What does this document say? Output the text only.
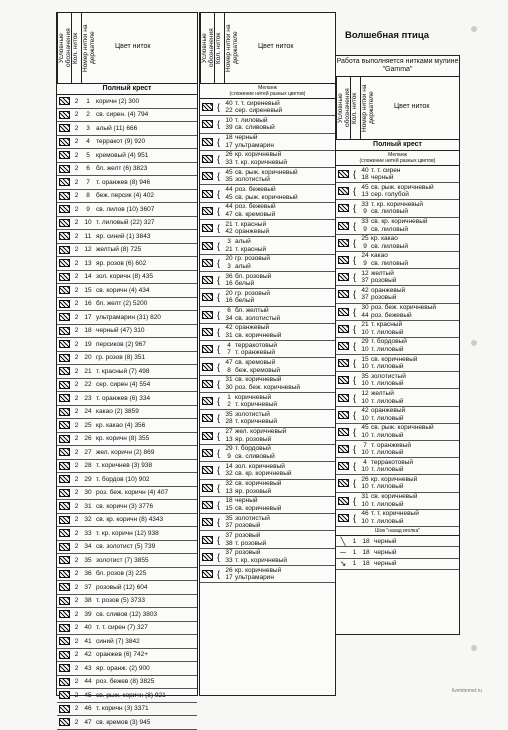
Условные обозначения Кол. ниток Номер нитки на держателе	Цвет ниток
Полный крест
2	1 коричн (2) 300
2	2 св. сирен. (4) 794
2	3 алый (11) 666
2	4 терракот (9) 920
2	5 кремовый (4) 951
2	6 бл. желт (6) 3823
2	7 т. оранжев (8) 946
2	8 беж. персик (4) 402
2	9 св. лилов (10) 3607
2 10 т. лиловый (22) 327
2 11 яр. синий (1) 3843
2 12 желтый (8) 725
2 13 яр. розов (6) 602
2 14 зол. коричн (8) 435
2 15 св. коричн (4) 434
2 16 бл. желт (2) 5200
2 17 ультрамарин (31) 820
2 18 черный (47) 310
2 19 персиков (2) 967
2 20 гр. розов (8) 351
2 21 т. красный (7) 498
2 22 сер. сирен (4) 554
2 23 т. оранжев (6) 334
2 24 какао (2) 3859
2 25 кр. какао (4) 356
2 26 кр. коричн (8) 355
2 27 жел. коричн (2) 869
2 28 т. коричнев (3) 938
2 29 т. бордов (10) 902
2 30 роз. беж. коричн (4) 407
2 31 св. коричн (3) 3776
2 32 св. кр. коричн (8) 4343
2 33 т. кр. коричн (12) 938
2 34 св. золотист (5) 739
2 35 золотист (7) 3855
2 36 бл. розов (3) 225
2 37 розовый (12) 604
2 38 т. розов (5) 3733
2 39 св. сливов (12) 3803
2 40 т. т. сирен (7) 327
2 41 синий (7) 3842
2 42 оранжев (6) 742+
2 43 яр. оранж. (2) 900
2 44 роз. бежев (8) 3825
2 45 св. рыж. коричн (8) 921
2 46 т. коричн (3) 3371
2 47 св. кремов (3) 945
Условные обозначения Кол. ниток Номер нитки на держателе	Цвет ниток
Меланж
(сложение нитей разных цветов)
{ 40 т. т. сиреневый
22 сер. сиреневый
{ 10 т. лиловый
39 св. сливовый
{ 18 черный
17 ультрамарин
{ 26 кр. коричневый
33 т. кр. коричневый
{ 45 св. рыж. коричневый
35 золотистый
{ 44 роз. бежевый
45 св. рыж. коричневый
{ 44 роз. бежевый
47 св. кремовый
{ 21 т. красный
42 оранжевый
{	3 алый
21 т. красный
{ 20 гр. розовый
3 алый
{ 36 бл. розовый
16 белый
{ 20 гр. розовый
16 белый
{	6 бл. желтый
34 св. золотистый
{ 42 оранжевый
31 св. коричневый
{	4 терракотовый
7 т. оранжевый
{ 47 св. кремовый
8 беж. кремовый
{ 31 св. коричневый
30 роз. беж. коричневый
{	1 коричневый
2 т. коричневый
{ 35 золотистый
28 т. коричневый
{ 27 жел. коричневый
13 яр. розовый
{ 29 т. бордовый
9 св. сливовый
{ 14 зол. коричневый
32 св. кр. коричневый
{ 32 св. коричневый
13 яр. розовый
{ 18 черный
15 св. коричневый
{ 35 золотистый
37 розовый
{ 37 розовый
38 т. розовый
{ 37 розовый
33 т. кр. коричневый
{ 26 кр. коричневый
17 ультрамарин
Волшебная птица
Работа выполняется нитками мулине "Gamma"
Условные обозначения Кол. ниток Номер нитки на держателе	Цвет ниток
Полный крест
Меланж
(сложение нитей разных цветов)
{ 40 т. т. сирен
18 черный
{ 45 св. рыж. коричневый
13 сер. голубой
{ 33 т. кр. коричневый
9 св. лиловый
{ 33 св. кр. коричневый
9 св. лиловый
{ 25 кр. какао
9 св. лиловый
{ 24 какао
9 св. лиловый
{ 12 желтый
37 розовый
{ 42 оранжевый
37 розовый
{ 30 роз. беж. коричневый
44 роз. бежевый
{ 21 т. красный
10 т. лиловый
{ 29 т. бордовый
10 т. лиловый
{ 15 св. коричневый
10 т. лиловый
{ 35 золотистый
10 т. лиловый
{ 12 желтый
10 т. лиловый
{ 42 оранжевый
10 т. лиловый
{ 45 св. рыж. коричневый
10 т. лиловый
{	7 т. оранжевый
10 т. лиловый
{	4 терракотовый
10 т. лиловый
{ 26 кр. коричневый
10 т. лиловый
{ 31 св. коричневый
10 т. лиловый
{ 46 т. т. коричневый
10 т. лиловый
Шов "назад иголка"
╲	1 18 черный
─	1 18 черный
↘ 1 18 черный
liveinternet.ru
